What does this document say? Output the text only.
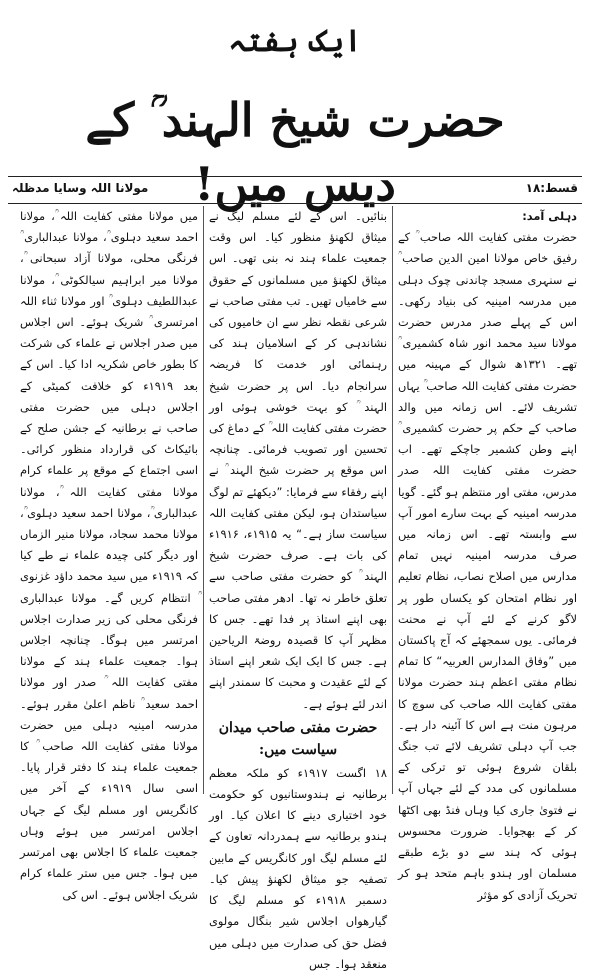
ایک ہفتہ
حضرت شیخ الہند ؒ کے دیس میں!	قسط:۱۸
مولانا اللہ وسایا مدظلہ

دہلی آمد:

حضرت مفتی کفایت اللہ صاحب ؒ کے رفیق خاص مولانا امین الدین صاحب ؒ نے سنہری مسجد چاندنی چوک دہلی میں مدرسہ امینیہ کی بنیاد رکھی۔ اس کے پہلے صدر مدرس حضرت مولانا سید محمد انور شاہ کشمیری ؒ تھے۔ ۱۳۲۱ھ شوال کے مہینہ میں حضرت مفتی کفایت اللہ صاحب ؒ یہاں تشریف لائے۔ اس زمانہ میں والد صاحب کے حکم پر حضرت کشمیری ؒ اپنے وطن کشمیر جاچکے تھے۔ اب حضرت مفتی کفایت اللہ صدر مدرس، مفتی اور منتظم ہو گئے۔ گویا مدرسہ امینیہ کے بہت سارے امور آپ سے وابستہ تھے۔ اس زمانہ میں صرف مدرسہ امینیہ نہیں تمام مدارس میں اصلاح نصاب، نظام تعلیم اور نظام امتحان کو یکساں طور پر لاگو کرنے کے لئے آپ نے محنت فرمائی۔ یوں سمجھئے کہ آج پاکستان میں ”وفاق المدارس العربیہ“ کا تمام نظام مفتی اعظم ہند حضرت مولانا مفتی کفایت اللہ صاحب کی سوچ کا مرہون منت ہے اس کا آئینہ دار ہے۔ جب آپ دہلی تشریف لائے تب جنگ بلقان شروع ہوئی تو ترکی کے مسلمانوں کی مدد کے لئے جہاں آپ نے فتویٰ جاری کیا وہاں فنڈ بھی اکٹھا کر کے بھجوایا۔ ضرورت محسوس ہوئی کہ ہند سے دو بڑے طبقے مسلمان اور ہندو باہم متحد ہو کر تحریک آزادی کو مؤثر

بنائیں۔ اس کے لئے مسلم لیگ نے میثاق لکھنؤ منظور کیا۔ اس وقت جمعیت علماء ہند نہ بنی تھی۔ اس میثاق لکھنؤ میں مسلمانوں کے حقوق سے خامیاں تھیں۔ تب مفتی صاحب نے شرعی نقطہ نظر سے ان خامیوں کی نشاندہی کر کے اسلامیان ہند کی رہنمائی اور خدمت کا فریضہ سرانجام دیا۔ اس پر حضرت شیخ الہند ؒ کو بہت خوشی ہوئی اور حضرت مفتی کفایت اللہ ؒ کے دماغ کی تحسین اور تصویب فرمائی۔ چنانچہ اس موقع پر حضرت شیخ الہند ؒ نے اپنے رفقاء سے فرمایا: ”دیکھئے تم لوگ سیاستدان ہو، لیکن مفتی کفایت اللہ سیاست ساز ہے۔“ یہ ۱۹۱۵ء، ۱۹۱۶ء کی بات ہے۔ صرف حضرت شیخ الہند ؒ کو حضرت مفتی صاحب سے تعلق خاطر نہ تھا۔ ادھر مفتی صاحب بھی اپنے استاذ پر فدا تھے۔ جس کا مظہر آپ کا قصیدہ روضۃ الریاحین ہے۔ جس کا ایک ایک شعر اپنے استاذ کے لئے عقیدت و محبت کا سمندر اپنے اندر لئے ہوئے ہے۔

حضرت مفتی صاحب میدان سیاست میں:

۱۸ اگست ۱۹۱۷ء کو ملکہ معظم برطانیہ نے ہندوستانیوں کو حکومت خود اختیاری دینے کا اعلان کیا۔ اور ہندو برطانیہ سے ہمدردانہ تعاون کے لئے مسلم لیگ اور کانگریس کے مابین تصفیہ جو میثاق لکھنؤ پیش کیا۔ دسمبر ۱۹۱۸ء کو مسلم لیگ کا گیارھواں اجلاس شیر بنگال مولوی فضل حق کی صدارت میں دہلی میں منعقد ہوا۔ جس

میں مولانا مفتی کفایت اللہ ؒ، مولانا احمد سعید دہلوی ؒ، مولانا عبدالباری ؒ فرنگی محلی، مولانا آزاد سبحانی ؒ، مولانا میر ابراہیم سیالکوٹی ؒ، مولانا عبداللطیف دہلوی ؒ اور مولانا ثناء اللہ امرتسری ؒ شریک ہوئے۔ اس اجلاس میں صدر اجلاس نے علماء کی شرکت کا بطور خاص شکریہ ادا کیا۔ اس کے بعد ۱۹۱۹ء کو خلافت کمیٹی کے اجلاس دہلی میں حضرت مفتی صاحب نے برطانیہ کے جشن صلح کے بائیکاٹ کی قرارداد منظور کرائی۔ اسی اجتماع کے موقع پر علماء کرام مولانا مفتی کفایت اللہ ؒ، مولانا عبدالباری ؒ، مولانا احمد سعید دہلوی ؒ، مولانا محمد سجاد، مولانا منیر الزماں اور دیگر کئی چیدہ علماء نے طے کیا کہ ۱۹۱۹ء میں سید محمد داؤد غزنوی ؒ انتظام کریں گے۔ مولانا عبدالباری فرنگی محلی کی زیر صدارت اجلاس امرتسر میں ہوگا۔ چنانچہ اجلاس ہوا۔ جمعیت علماء ہند کے مولانا مفتی کفایت اللہ ؒ صدر اور مولانا احمد سعید ؒ ناظم اعلیٰ مقرر ہوئے۔ مدرسہ امینیہ دہلی میں حضرت مولانا مفتی کفایت اللہ صاحب ؒ کا جمعیت علماء ہند کا دفتر قرار پایا۔ اسی سال ۱۹۱۹ء کے آخر میں کانگریس اور مسلم لیگ کے جہاں اجلاس امرتسر میں ہوئے وہاں جمعیت علماء کا اجلاس بھی امرتسر میں ہوا۔ جس میں ستر علماء کرام شریک اجلاس ہوئے۔ اس کی
